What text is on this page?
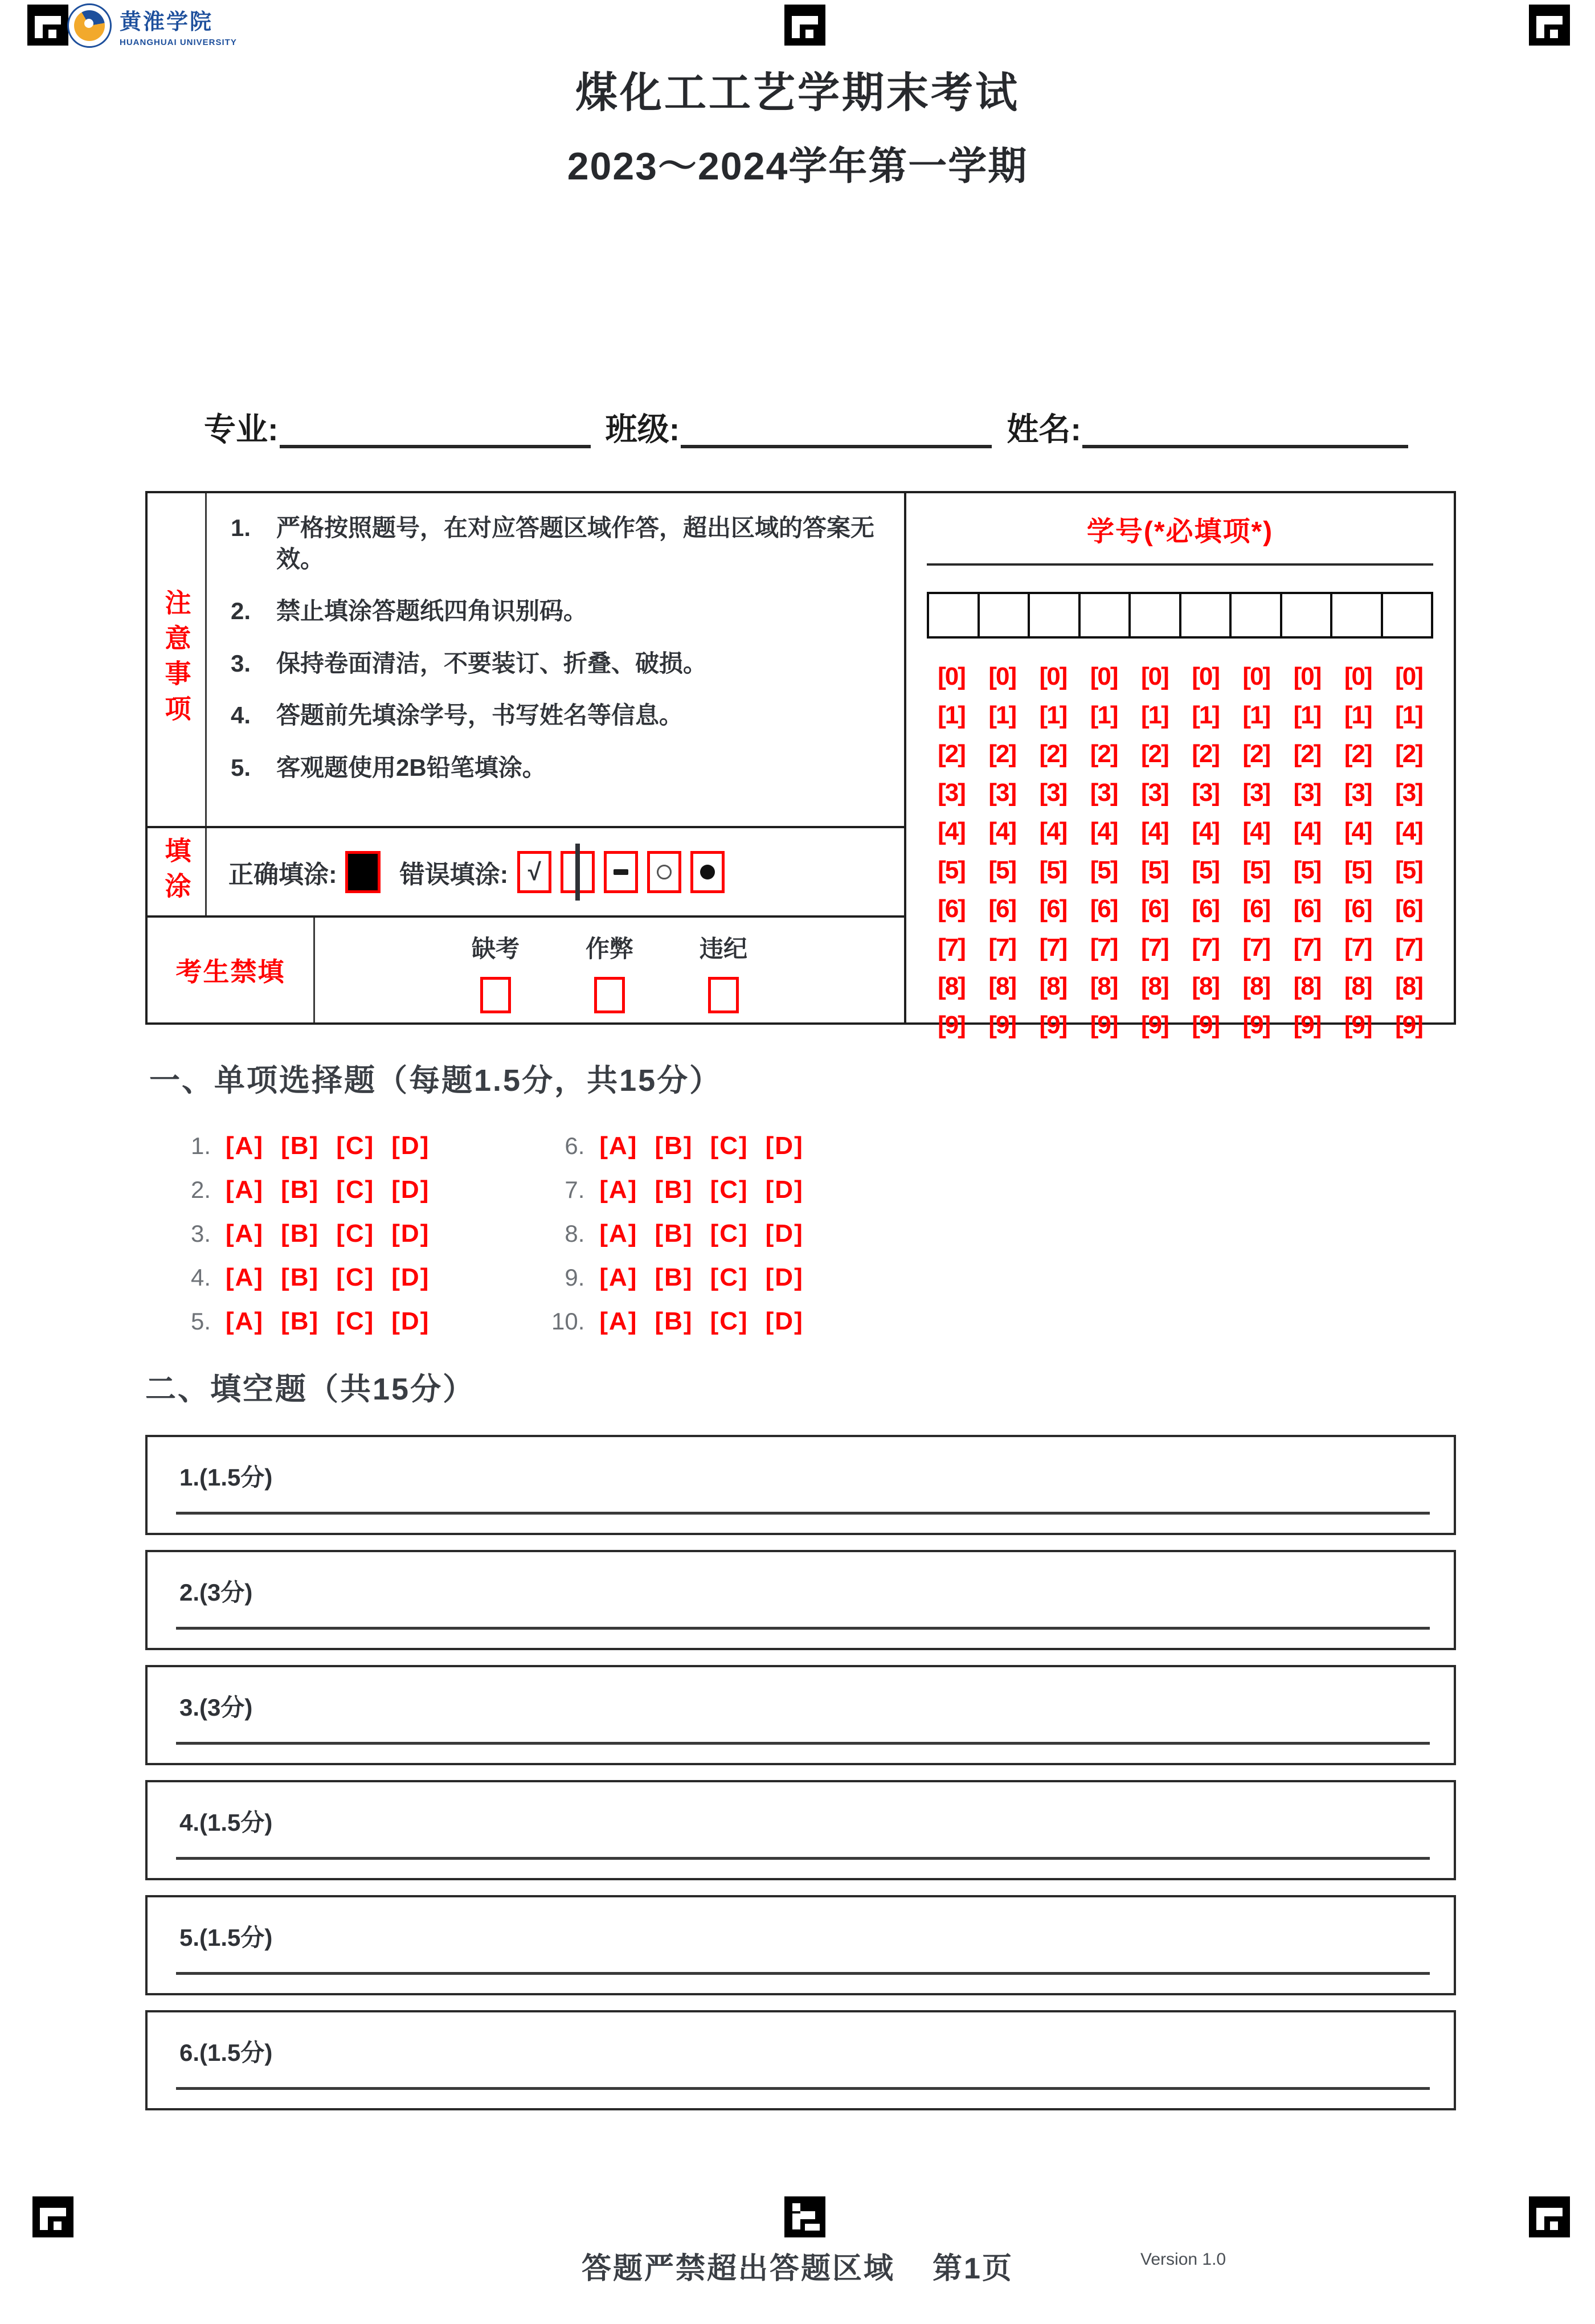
黄淮学院
HUANGHUAI UNIVERSITY
煤化工工艺学期末考试
2023～2024学年第一学期
专业:	班级:	姓名:
注意事项
1.	严格按照题号，在对应答题区域作答，超出区域的答案无效。
2.	禁止填涂答题纸四角识别码。
3.	保持卷面清洁，不要装订、折叠、破损。
4.	答题前先填涂学号，书写姓名等信息。
5.	客观题使用2B铅笔填涂。
填涂 正确填涂:	错误填涂: √
考生禁填
缺考	作弊	违纪
学号(*必填项*)
[0] [0] [0] [0] [0] [0] [0] [0] [0] [0]
[1] [1] [1] [1] [1] [1] [1] [1] [1] [1]
[2] [2] [2] [2] [2] [2] [2] [2] [2] [2]
[3] [3] [3] [3] [3] [3] [3] [3] [3] [3]
[4] [4] [4] [4] [4] [4] [4] [4] [4] [4]
[5] [5] [5] [5] [5] [5] [5] [5] [5] [5]
[6] [6] [6] [6] [6] [6] [6] [6] [6] [6]
[7] [7] [7] [7] [7] [7] [7] [7] [7] [7]
[8] [8] [8] [8] [8] [8] [8] [8] [8] [8]
[9] [9] [9] [9] [9] [9] [9] [9] [9] [9]
一、单项选择题（每题1.5分，共15分）
1. [A] [B] [C] [D]
2. [A] [B] [C] [D]
3. [A] [B] [C] [D]
4. [A] [B] [C] [D]
5. [A] [B] [C] [D]
6. [A] [B] [C] [D]
7. [A] [B] [C] [D]
8. [A] [B] [C] [D]
9. [A] [B] [C] [D]
10. [A] [B] [C] [D]
二、填空题（共15分）
1.(1.5分)
2.(3分)
3.(3分)
4.(1.5分)
5.(1.5分)
6.(1.5分)
答题严禁超出答题区域 第1页	Version 1.0
